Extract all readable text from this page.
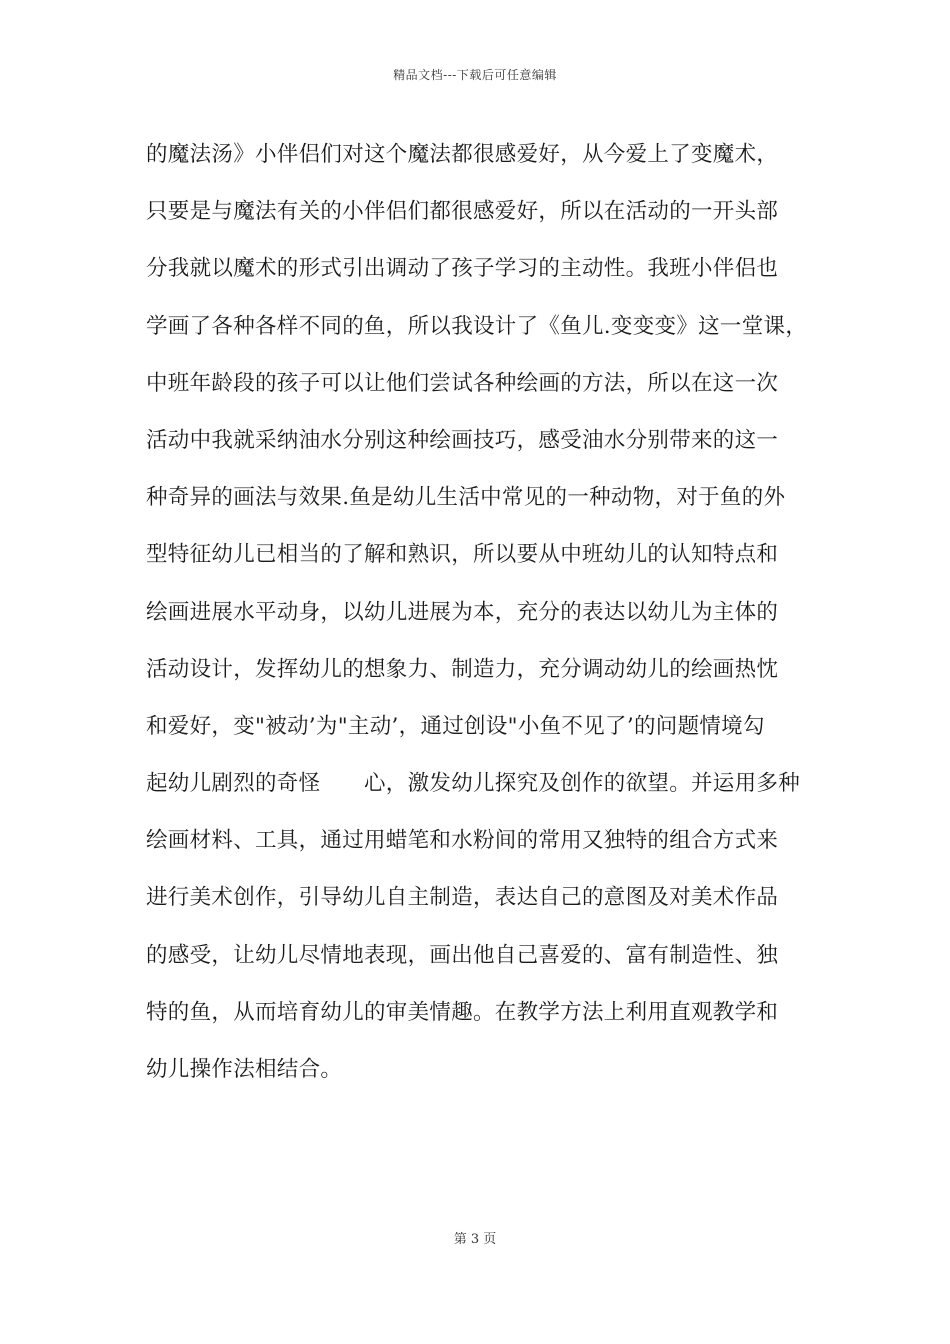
精品文档---下载后可任意编辑
的魔法汤》小伴侣们对这个魔法都很感爱好，从今爱上了变魔术，
只要是与魔法有关的小伴侣们都很感爱好，所以在活动的一开头部
分我就以魔术的形式引出调动了孩子学习的主动性。我班小伴侣也
学画了各种各样不同的鱼，所以我设计了《鱼儿.变变变》这一堂课，
中班年龄段的孩子可以让他们尝试各种绘画的方法，所以在这一次
活动中我就采纳油水分别这种绘画技巧，感受油水分别带来的这一
种奇异的画法与效果.鱼是幼儿生活中常见的一种动物，对于鱼的外
型特征幼儿已相当的了解和熟识，所以要从中班幼儿的认知特点和
绘画进展水平动身，以幼儿进展为本，充分的表达以幼儿为主体的
活动设计，发挥幼儿的想象力、制造力，充分调动幼儿的绘画热忱
和爱好，变"被动’为"主动’，通过创设"小鱼不见了’的问题情境勾
起幼儿剧烈的奇怪　　心，激发幼儿探究及创作的欲望。并运用多种
绘画材料、工具，通过用蜡笔和水粉间的常用又独特的组合方式来
进行美术创作，引导幼儿自主制造，表达自己的意图及对美术作品
的感受，让幼儿尽情地表现，画出他自己喜爱的、富有制造性、独
特的鱼，从而培育幼儿的审美情趣。在教学方法上利用直观教学和
幼儿操作法相结合。
第 3 页
